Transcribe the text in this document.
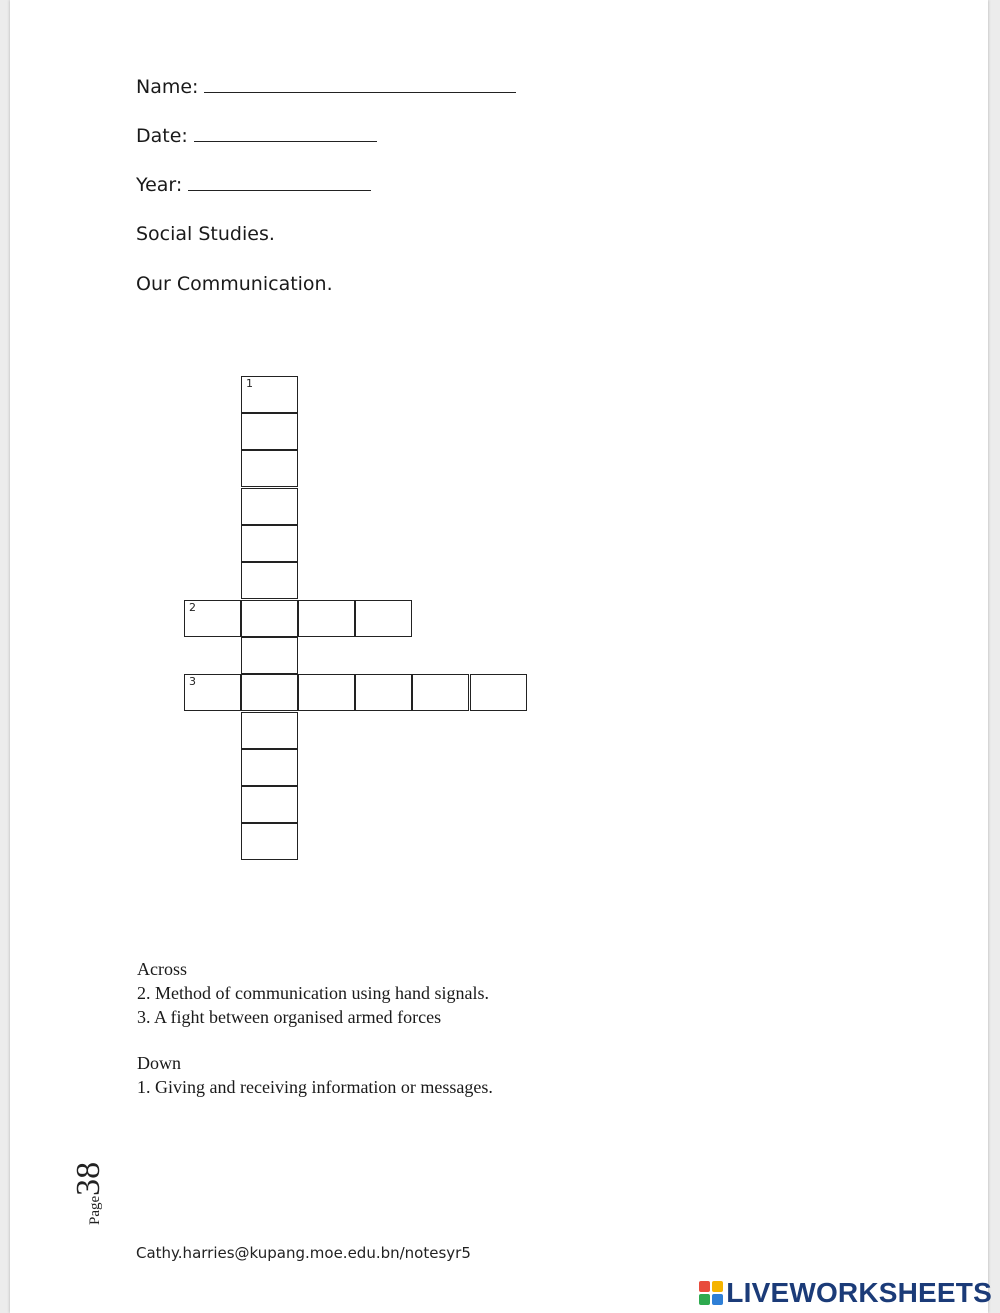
Name:
Date:
Year:
Social Studies.
Our Communication.
1
2
3
Across
2. Method of communication using hand signals.
3. A fight between organised armed forces
Down
1. Giving and receiving information or messages.
Page38
Cathy.harries@kupang.moe.edu.bn/notesyr5
LIVEWORKSHEETS
